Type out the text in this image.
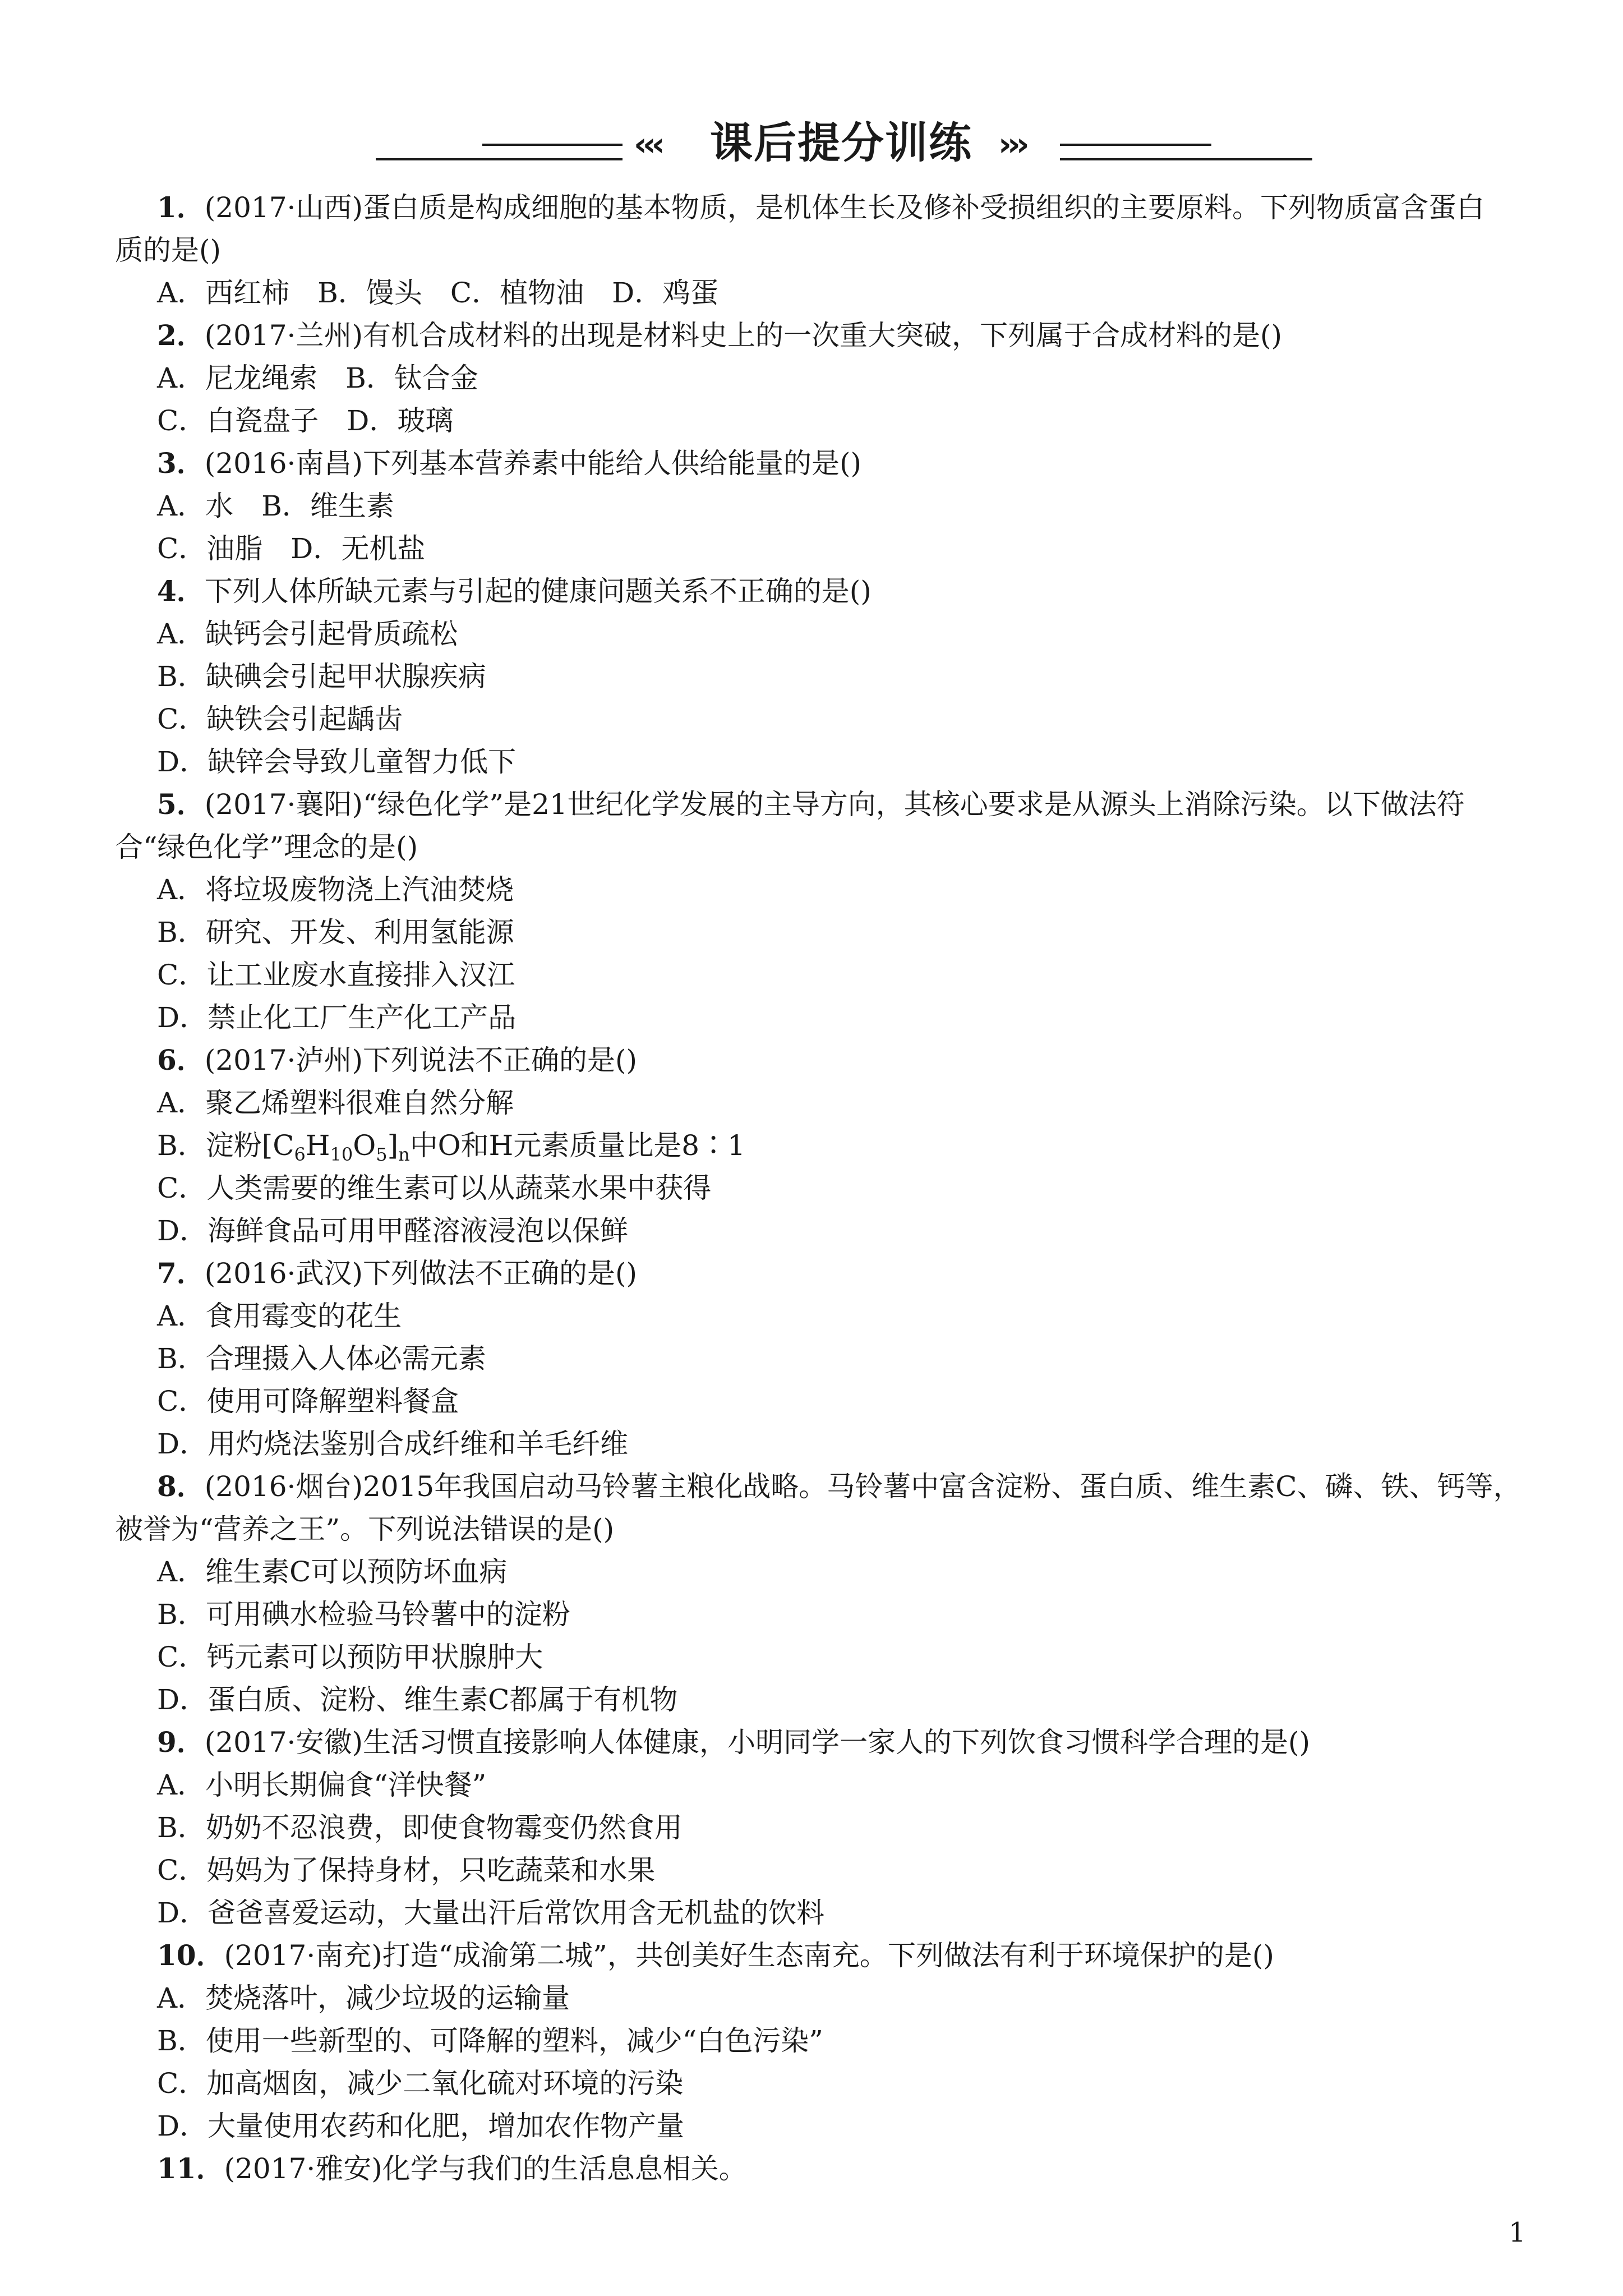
‹‹‹	课后提分训练 ›››
1．(2017·山西)蛋白质是构成细胞的基本物质，是机体生长及修补受损组织的主要原料。下列物质富含蛋白
质的是()
A．西红柿　B．馒头　C．植物油　D．鸡蛋
2．(2017·兰州)有机合成材料的出现是材料史上的一次重大突破，下列属于合成材料的是()
A．尼龙绳索　B．钛合金
C．白瓷盘子　D．玻璃
3．(2016·南昌)下列基本营养素中能给人供给能量的是()
A．水　B．维生素
C．油脂　D．无机盐
4．下列人体所缺元素与引起的健康问题关系不正确的是()
A．缺钙会引起骨质疏松
B．缺碘会引起甲状腺疾病
C．缺铁会引起龋齿
D．缺锌会导致儿童智力低下
5．(2017·襄阳)“绿色化学”是21世纪化学发展的主导方向，其核心要求是从源头上消除污染。以下做法符
合“绿色化学”理念的是()
A．将垃圾废物浇上汽油焚烧
B．研究、开发、利用氢能源
C．让工业废水直接排入汉江
D．禁止化工厂生产化工产品
6．(2017·泸州)下列说法不正确的是()
A．聚乙烯塑料很难自然分解
B．淀粉$[C_6H_{10}O_5]_n$中O和H元素质量比是8∶1
C．人类需要的维生素可以从蔬菜水果中获得
D．海鲜食品可用甲醛溶液浸泡以保鲜
7．(2016·武汉)下列做法不正确的是()
A．食用霉变的花生
B．合理摄入人体必需元素
C．使用可降解塑料餐盒
D．用灼烧法鉴别合成纤维和羊毛纤维
8．(2016·烟台)2015年我国启动马铃薯主粮化战略。马铃薯中富含淀粉、蛋白质、维生素C、磷、铁、钙等，
被誉为“营养之王”。下列说法错误的是()
A．维生素C可以预防坏血病
B．可用碘水检验马铃薯中的淀粉
C．钙元素可以预防甲状腺肿大
D．蛋白质、淀粉、维生素C都属于有机物
9．(2017·安徽)生活习惯直接影响人体健康，小明同学一家人的下列饮食习惯科学合理的是()
A．小明长期偏食“洋快餐”
B．奶奶不忍浪费，即使食物霉变仍然食用
C．妈妈为了保持身材，只吃蔬菜和水果
D．爸爸喜爱运动，大量出汗后常饮用含无机盐的饮料
10．(2017·南充)打造“成渝第二城”，共创美好生态南充。下列做法有利于环境保护的是()
A．焚烧落叶，减少垃圾的运输量
B．使用一些新型的、可降解的塑料，减少“白色污染”
C．加高烟囱，减少二氧化硫对环境的污染
D．大量使用农药和化肥，增加农作物产量
11．(2017·雅安)化学与我们的生活息息相关。
1
